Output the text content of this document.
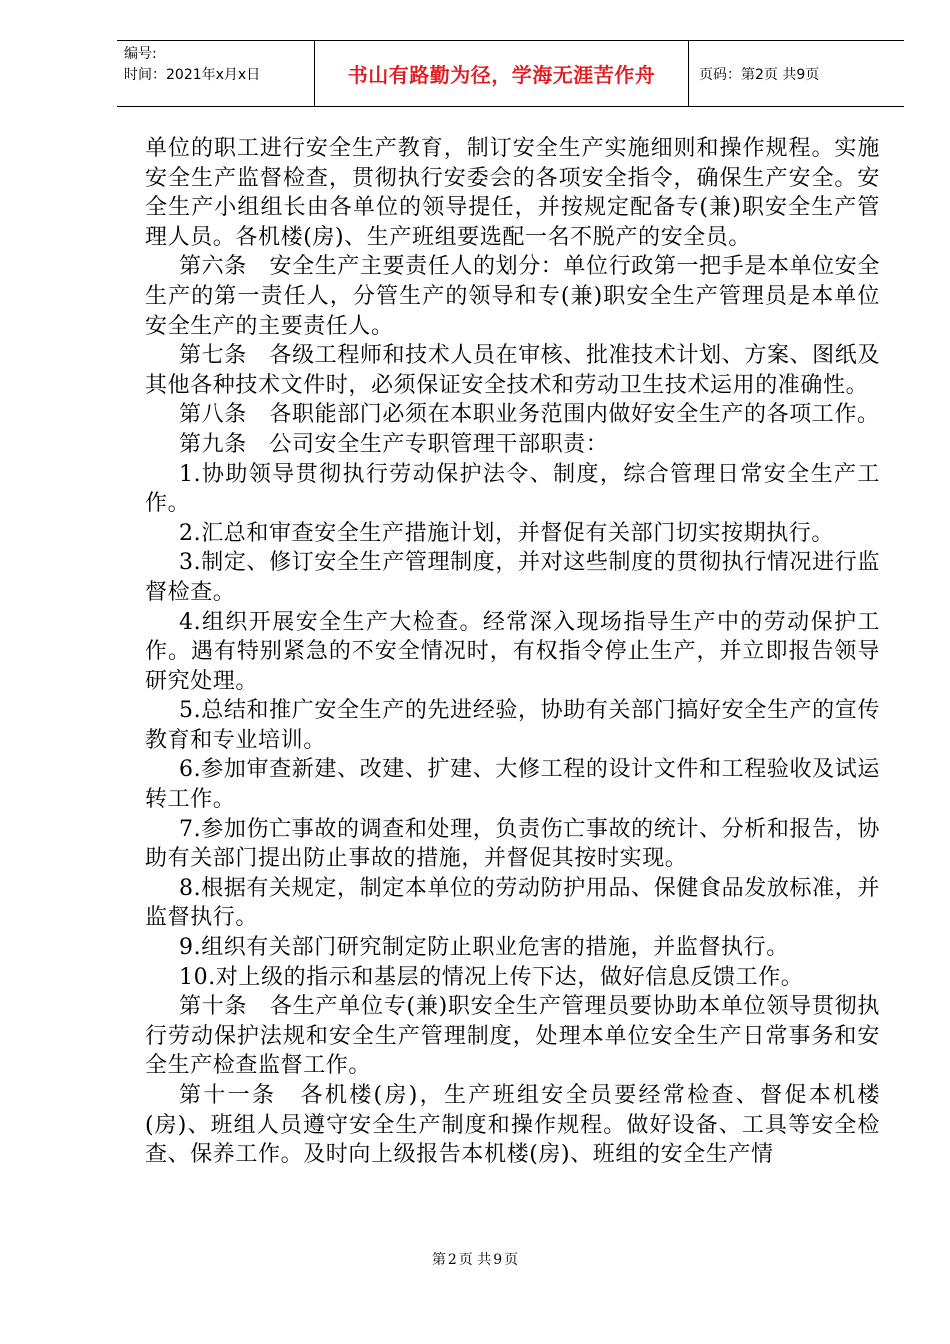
编号:
时间：2021年x月x日	书山有路勤为径，学海无涯苦作舟	页码：第2页 共9页

单位的职工进行安全生产教育，制订安全生产实施细则和操作规程。实施安全生产监督检查，贯彻执行安委会的各项安全指令，确保生产安全。安全生产小组组长由各单位的领导提任，并按规定配备专(兼)职安全生产管理人员。各机楼(房)、生产班组要选配一名不脱产的安全员。

第六条　安全生产主要责任人的划分：单位行政第一把手是本单位安全生产的第一责任人，分管生产的领导和专(兼)职安全生产管理员是本单位安全生产的主要责任人。

第七条　各级工程师和技术人员在审核、批准技术计划、方案、图纸及其他各种技术文件时，必须保证安全技术和劳动卫生技术运用的准确性。

第八条　各职能部门必须在本职业务范围内做好安全生产的各项工作。

第九条　公司安全生产专职管理干部职责：

1.协助领导贯彻执行劳动保护法令、制度，综合管理日常安全生产工作。

2.汇总和审查安全生产措施计划，并督促有关部门切实按期执行。

3.制定、修订安全生产管理制度，并对这些制度的贯彻执行情况进行监督检查。

4.组织开展安全生产大检查。经常深入现场指导生产中的劳动保护工作。遇有特别紧急的不安全情况时，有权指令停止生产，并立即报告领导研究处理。

5.总结和推广安全生产的先进经验，协助有关部门搞好安全生产的宣传教育和专业培训。

6.参加审查新建、改建、扩建、大修工程的设计文件和工程验收及试运转工作。

7.参加伤亡事故的调查和处理，负责伤亡事故的统计、分析和报告，协助有关部门提出防止事故的措施，并督促其按时实现。

8.根据有关规定，制定本单位的劳动防护用品、保健食品发放标准，并监督执行。

9.组织有关部门研究制定防止职业危害的措施，并监督执行。

10.对上级的指示和基层的情况上传下达，做好信息反馈工作。

第十条　各生产单位专(兼)职安全生产管理员要协助本单位领导贯彻执行劳动保护法规和安全生产管理制度，处理本单位安全生产日常事务和安全生产检查监督工作。

第十一条　各机楼(房)，生产班组安全员要经常检查、督促本机楼(房)、班组人员遵守安全生产制度和操作规程。做好设备、工具等安全检查、保养工作。及时向上级报告本机楼(房)、班组的安全生产情

第 2 页 共 9 页
